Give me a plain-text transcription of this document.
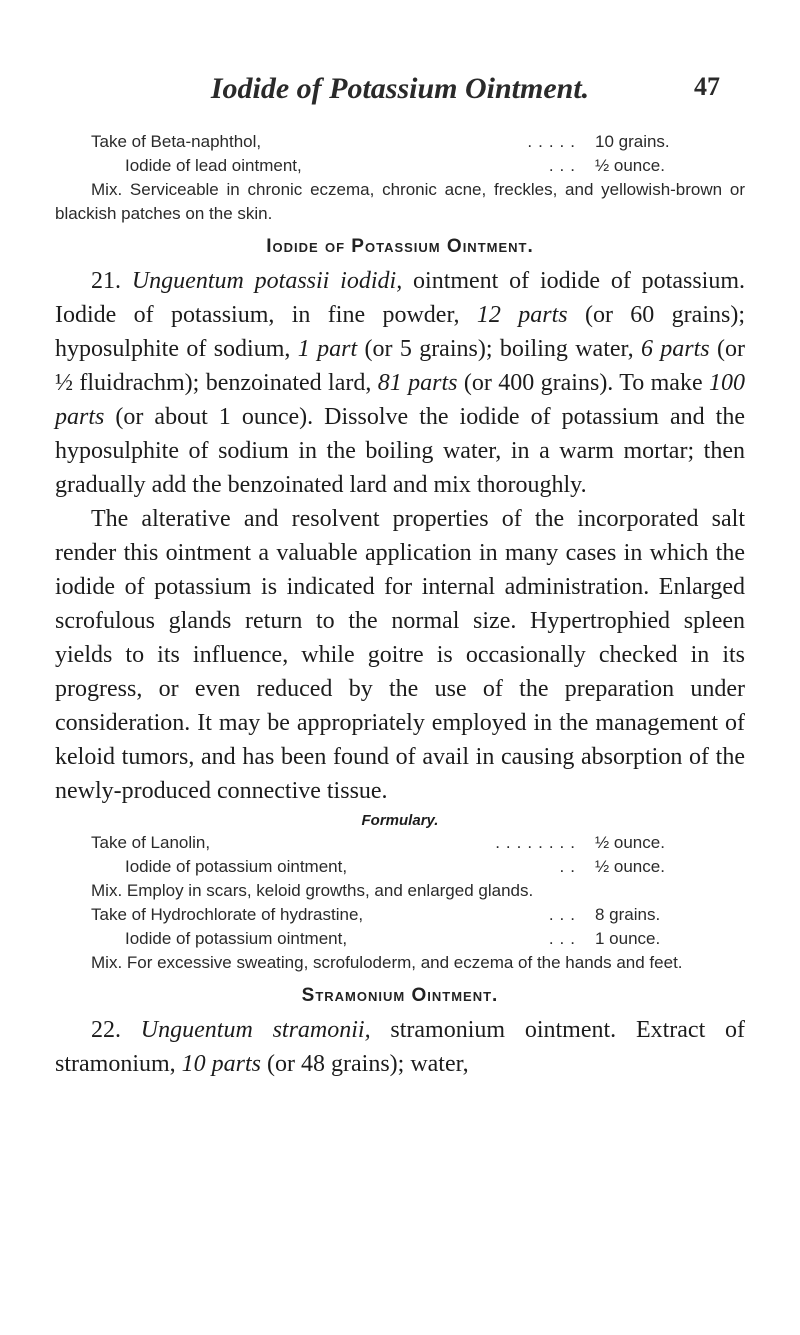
Iodide of Potassium Ointment.	47
Take of Beta-naphthol,	..... 10 grains.
Iodide of lead ointment,	... ½ ounce.

Mix. Serviceable in chronic eczema, chronic acne, freckles, and yellowish-brown or blackish patches on the skin.

Iodide of Potassium Ointment.

21. Unguentum potassii iodidi, ointment of iodide of potassium. Iodide of potassium, in fine powder, 12 parts (or 60 grains); hyposulphite of sodium, 1 part (or 5 grains); boiling water, 6 parts (or ½ fluidrachm); benzoinated lard, 81 parts (or 400 grains). To make 100 parts (or about 1 ounce). Dissolve the iodide of potassium and the hyposulphite of sodium in the boiling water, in a warm mortar; then gradually add the benzoinated lard and mix thoroughly.

The alterative and resolvent properties of the incorporated salt render this ointment a valuable application in many cases in which the iodide of potassium is indicated for internal administration. Enlarged scrofulous glands return to the normal size. Hypertrophied spleen yields to its influence, while goitre is occasionally checked in its progress, or even reduced by the use of the preparation under consideration. It may be appropriately employed in the management of keloid tumors, and has been found of avail in causing absorption of the newly-produced connective tissue.

Formulary.
Take of Lanolin,	........ ½ ounce.
Iodide of potassium ointment,	.. ½ ounce.

Mix. Employ in scars, keloid growths, and enlarged glands.

Take of Hydrochlorate of hydrastine,	... 8 grains.
Iodide of potassium ointment,	... 1 ounce.

Mix. For excessive sweating, scrofuloderm, and eczema of the hands and feet.

Stramonium Ointment.

22. Unguentum stramonii, stramonium ointment. Extract of stramonium, 10 parts (or 48 grains); water,
